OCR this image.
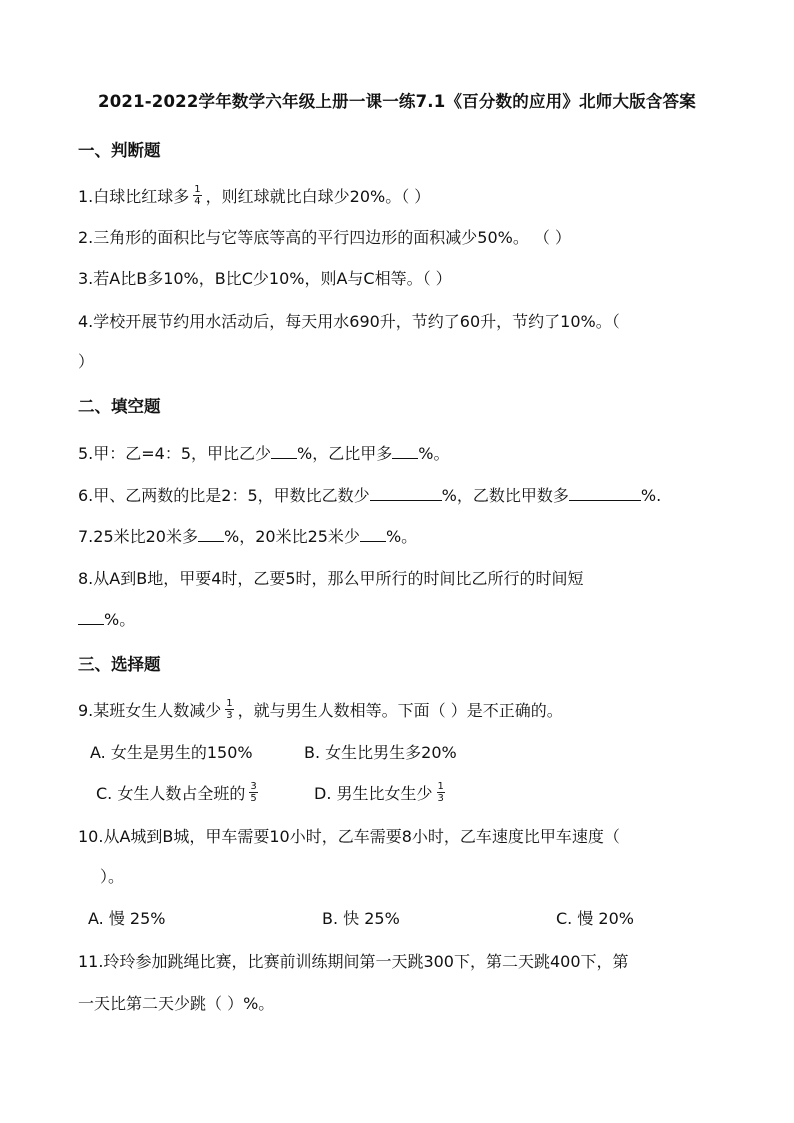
2021-2022学年数学六年级上册一课一练7.1《百分数的应用》北师大版含答案
一、判断题
1.白球比红球多 $\frac{1}{4}$ ，则红球就比白球少20%。（ ）
2.三角形的面积比与它等底等高的平行四边形的面积减少50%。 （ ）
3.若A比B多10%，B比C少10%，则A与C相等。（ ）
4.学校开展节约用水活动后，每天用水690升，节约了60升，节约了10%。（
）
二、填空题
5.甲：乙=4：5，甲比乙少 %，乙比甲多 %。
6.甲、乙两数的比是2：5，甲数比乙数少	%，乙数比甲数多	%.
7.25米比20米多 %，20米比25米少 %。
8.从A到B地，甲要4时，乙要5时，那么甲所行的时间比乙所行的时间短
%。
三、选择题
9.某班女生人数减少 $\frac{1}{3}$ ，就与男生人数相等。下面（ ）是不正确的。
A. 女生是男生的150%	B. 女生比男生多20%
C. 女生人数占全班的 $\frac{3}{5}$	D. 男生比女生少 $\frac{1}{3}$
10.从A城到B城，甲车需要10小时，乙车需要8小时，乙车速度比甲车速度（
）。
A. 慢 25%	B. 快 25%	C. 慢 20%
11.玲玲参加跳绳比赛，比赛前训练期间第一天跳300下，第二天跳400下，第
一天比第二天少跳（ ）%。
